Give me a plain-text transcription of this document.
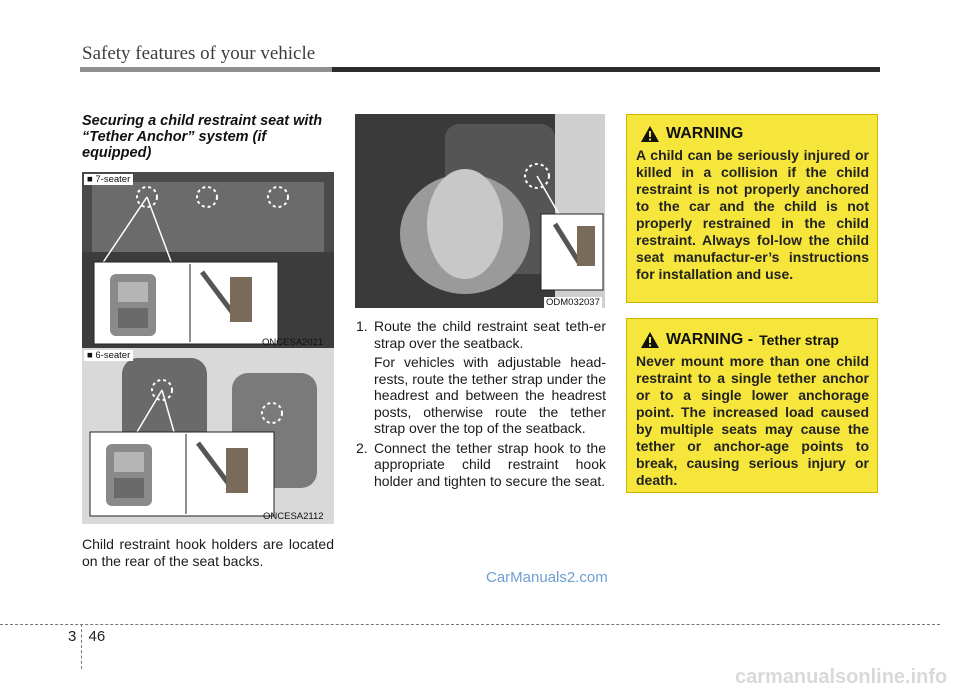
Safety features of your vehicle
Securing a child restraint seat with “Tether Anchor” system (if equipped)
■ 7-seater
ONCESA2021
■ 6-seater
ONCESA2112
ODM032037
Child restraint hook holders are located on the rear of the seat backs.
1. Route the child restraint seat teth-er strap over the seatback.
For vehicles with adjustable head-rests, route the tether strap under the headrest and between the headrest posts, otherwise route the tether strap over the top of the seatback.
2. Connect the tether strap hook to the appropriate child restraint hook holder and tighten to secure the seat.
WARNING
A child can be seriously injured or killed in a collision if the child restraint is not properly anchored to the car and the child is not properly restrained in the child restraint. Always fol-low the child seat manufactur-er’s instructions for installation and use.
WARNING - Tether strap
Never mount more than one child restraint to a single tether anchor or to a single lower anchorage point. The increased load caused by multiple seats may cause the tether or anchor-age points to break, causing serious injury or death.
CarManuals2.com
3 46
carmanualsonline.info
